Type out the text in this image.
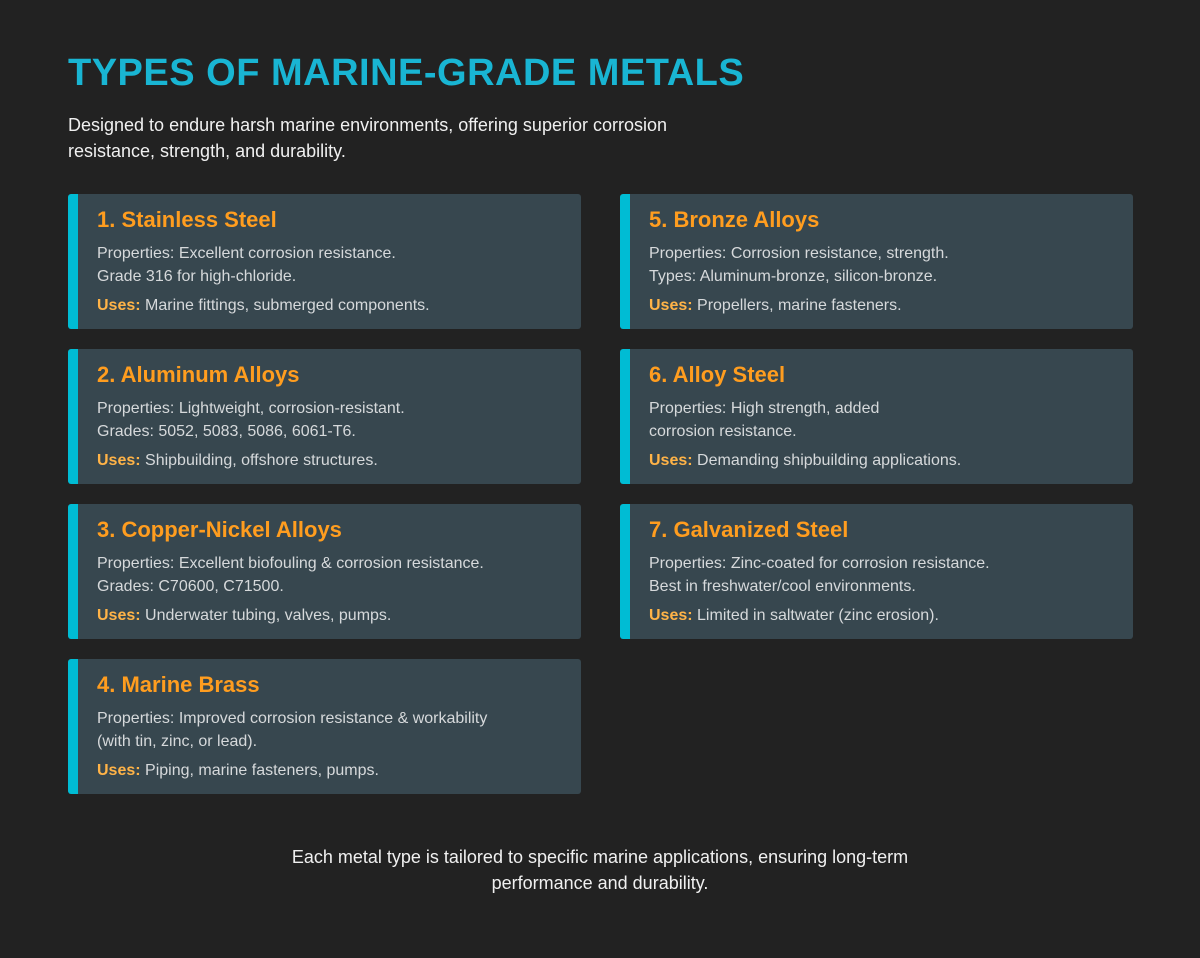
TYPES OF MARINE-GRADE METALS

Designed to endure harsh marine environments, offering superior corrosion resistance, strength, and durability.

1. Stainless Steel
Properties: Excellent corrosion resistance.
Grade 316 for high-chloride.
Uses: Marine fittings, submerged components.
2. Aluminum Alloys
Properties: Lightweight, corrosion-resistant.
Grades: 5052, 5083, 5086, 6061-T6.
Uses: Shipbuilding, offshore structures.
3. Copper-Nickel Alloys
Properties: Excellent biofouling & corrosion resistance.
Grades: C70600, C71500.
Uses: Underwater tubing, valves, pumps.
4. Marine Brass
Properties: Improved corrosion resistance & workability
(with tin, zinc, or lead).
Uses: Piping, marine fasteners, pumps.
5. Bronze Alloys
Properties: Corrosion resistance, strength.
Types: Aluminum-bronze, silicon-bronze.
Uses: Propellers, marine fasteners.
6. Alloy Steel
Properties: High strength, added
corrosion resistance.
Uses: Demanding shipbuilding applications.
7. Galvanized Steel
Properties: Zinc-coated for corrosion resistance.
Best in freshwater/cool environments.
Uses: Limited in saltwater (zinc erosion).

Each metal type is tailored to specific marine applications, ensuring long-term performance and durability.
